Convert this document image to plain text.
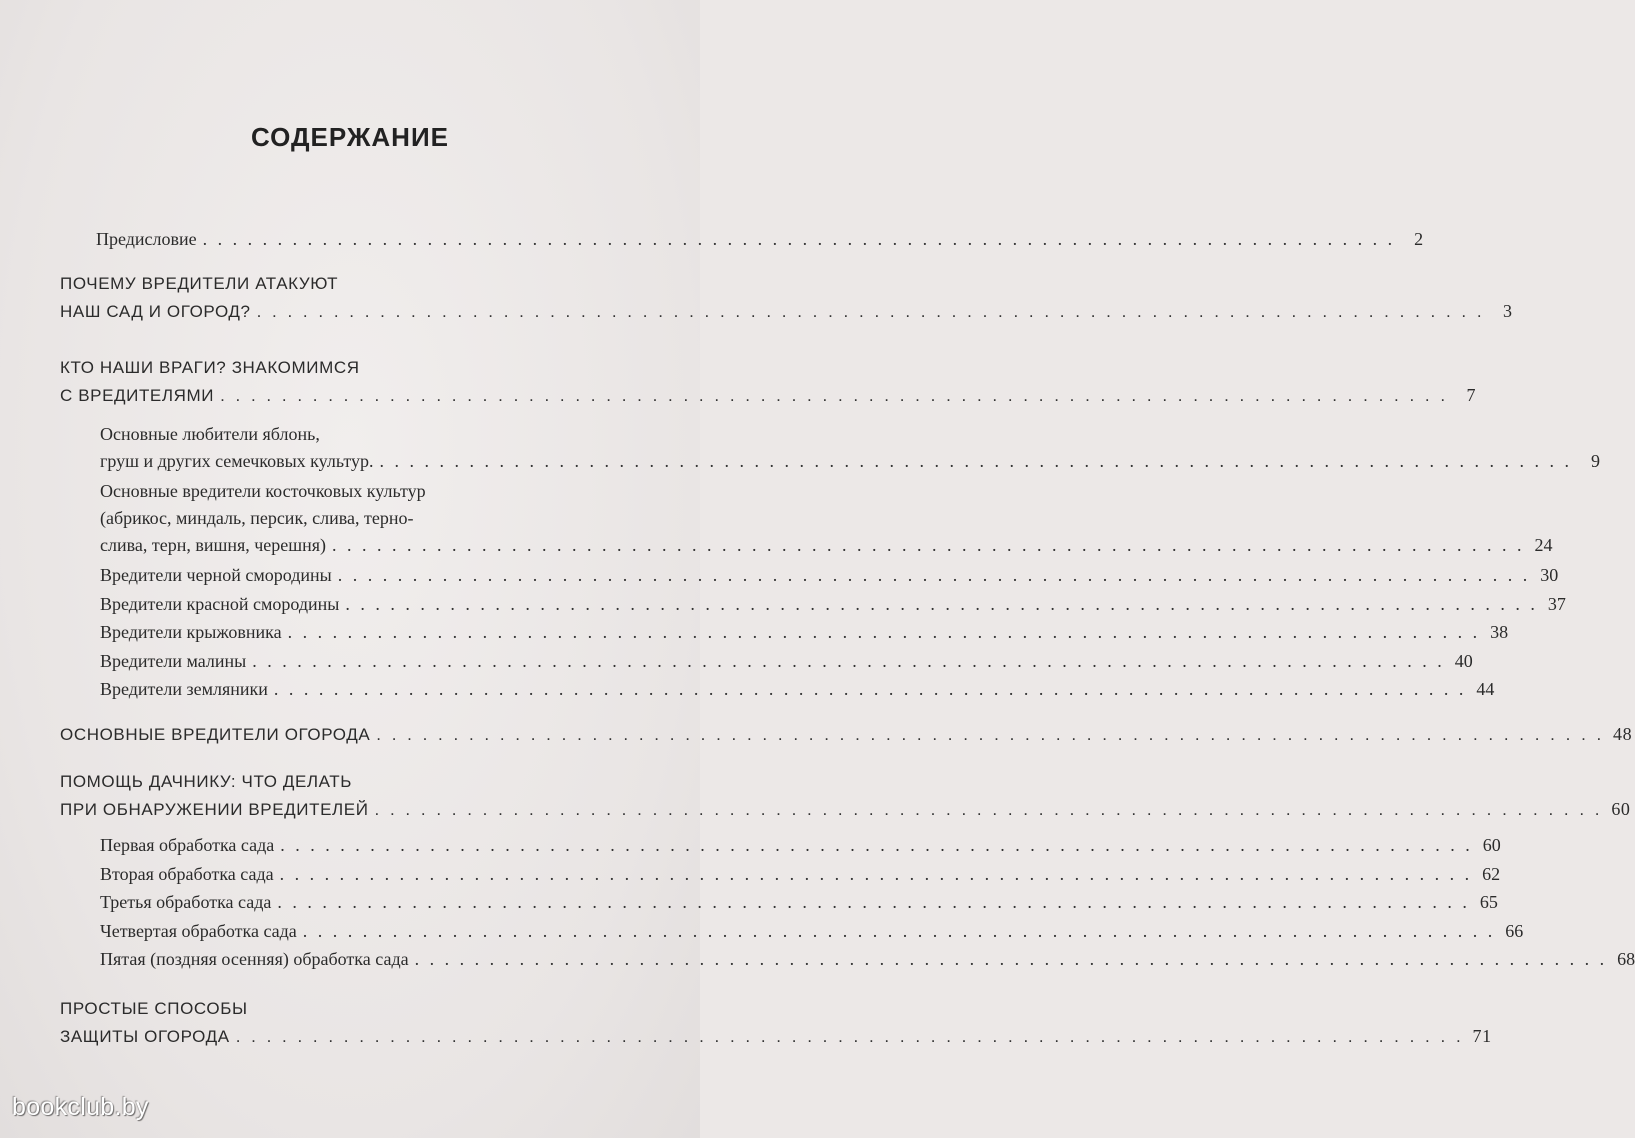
СОДЕРЖАНИЕ
Предисловие . . . . . . . . . . . . . . . . . . . . . . . . . . . . . . . . . . . . . . . . . . . . . . . . . . . . . . . . . . . . . . . . . . . . . . . . . . . . . . . .	2
ПОЧЕМУ ВРЕДИТЕЛИ АТАКУЮТ
НАШ САД И ОГОРОД? . . . . . . . . . . . . . . . . . . . . . . . . . . . . . . . . . . . . . . . . . . . . . . . . . . . . . . . . . . . . . . . . . . . . . . . . . . . . . . . .	3
КТО НАШИ ВРАГИ? ЗНАКОМИМСЯ
С ВРЕДИТЕЛЯМИ . . . . . . . . . . . . . . . . . . . . . . . . . . . . . . . . . . . . . . . . . . . . . . . . . . . . . . . . . . . . . . . . . . . . . . . . . . . . . . . .	7
Основные любители яблонь,
груш и других семечковых культур. . . . . . . . . . . . . . . . . . . . . . . . . . . . . . . . . . . . . . . . . . . . . . . . . . . . . . . . . . . . . . . . . . . . . . . . . . . . . . . . .	9
Основные вредители косточковых культур
(абрикос, миндаль, персик, слива, терно-
слива, терн, вишня, черешня) . . . . . . . . . . . . . . . . . . . . . . . . . . . . . . . . . . . . . . . . . . . . . . . . . . . . . . . . . . . . . . . . . . . . . . . . . . . . . . . . 24
Вредители черной смородины . . . . . . . . . . . . . . . . . . . . . . . . . . . . . . . . . . . . . . . . . . . . . . . . . . . . . . . . . . . . . . . . . . . . . . . . . . . . . . . . 30
Вредители красной смородины . . . . . . . . . . . . . . . . . . . . . . . . . . . . . . . . . . . . . . . . . . . . . . . . . . . . . . . . . . . . . . . . . . . . . . . . . . . . . . . . 37
Вредители крыжовника . . . . . . . . . . . . . . . . . . . . . . . . . . . . . . . . . . . . . . . . . . . . . . . . . . . . . . . . . . . . . . . . . . . . . . . . . . . . . . . . 38
Вредители малины . . . . . . . . . . . . . . . . . . . . . . . . . . . . . . . . . . . . . . . . . . . . . . . . . . . . . . . . . . . . . . . . . . . . . . . . . . . . . . . . 40
Вредители земляники . . . . . . . . . . . . . . . . . . . . . . . . . . . . . . . . . . . . . . . . . . . . . . . . . . . . . . . . . . . . . . . . . . . . . . . . . . . . . . . . 44
ОСНОВНЫЕ ВРЕДИТЕЛИ ОГОРОДА . . . . . . . . . . . . . . . . . . . . . . . . . . . . . . . . . . . . . . . . . . . . . . . . . . . . . . . . . . . . . . . . . . . . . . . . . . . . . . . . 48
ПОМОЩЬ ДАЧНИКУ: ЧТО ДЕЛАТЬ
ПРИ ОБНАРУЖЕНИИ ВРЕДИТЕЛЕЙ . . . . . . . . . . . . . . . . . . . . . . . . . . . . . . . . . . . . . . . . . . . . . . . . . . . . . . . . . . . . . . . . . . . . . . . . . . . . . . . . 60
Первая обработка сада . . . . . . . . . . . . . . . . . . . . . . . . . . . . . . . . . . . . . . . . . . . . . . . . . . . . . . . . . . . . . . . . . . . . . . . . . . . . . . . . 60
Вторая обработка сада . . . . . . . . . . . . . . . . . . . . . . . . . . . . . . . . . . . . . . . . . . . . . . . . . . . . . . . . . . . . . . . . . . . . . . . . . . . . . . . . 62
Третья обработка сада . . . . . . . . . . . . . . . . . . . . . . . . . . . . . . . . . . . . . . . . . . . . . . . . . . . . . . . . . . . . . . . . . . . . . . . . . . . . . . . . 65
Четвертая обработка сада . . . . . . . . . . . . . . . . . . . . . . . . . . . . . . . . . . . . . . . . . . . . . . . . . . . . . . . . . . . . . . . . . . . . . . . . . . . . . . . . 66
Пятая (поздняя осенняя) обработка сада . . . . . . . . . . . . . . . . . . . . . . . . . . . . . . . . . . . . . . . . . . . . . . . . . . . . . . . . . . . . . . . . . . . . . . . . . . . . . . . . 68
ПРОСТЫЕ СПОСОБЫ
ЗАЩИТЫ ОГОРОДА . . . . . . . . . . . . . . . . . . . . . . . . . . . . . . . . . . . . . . . . . . . . . . . . . . . . . . . . . . . . . . . . . . . . . . . . . . . . . . . . 71
bookclub.by
